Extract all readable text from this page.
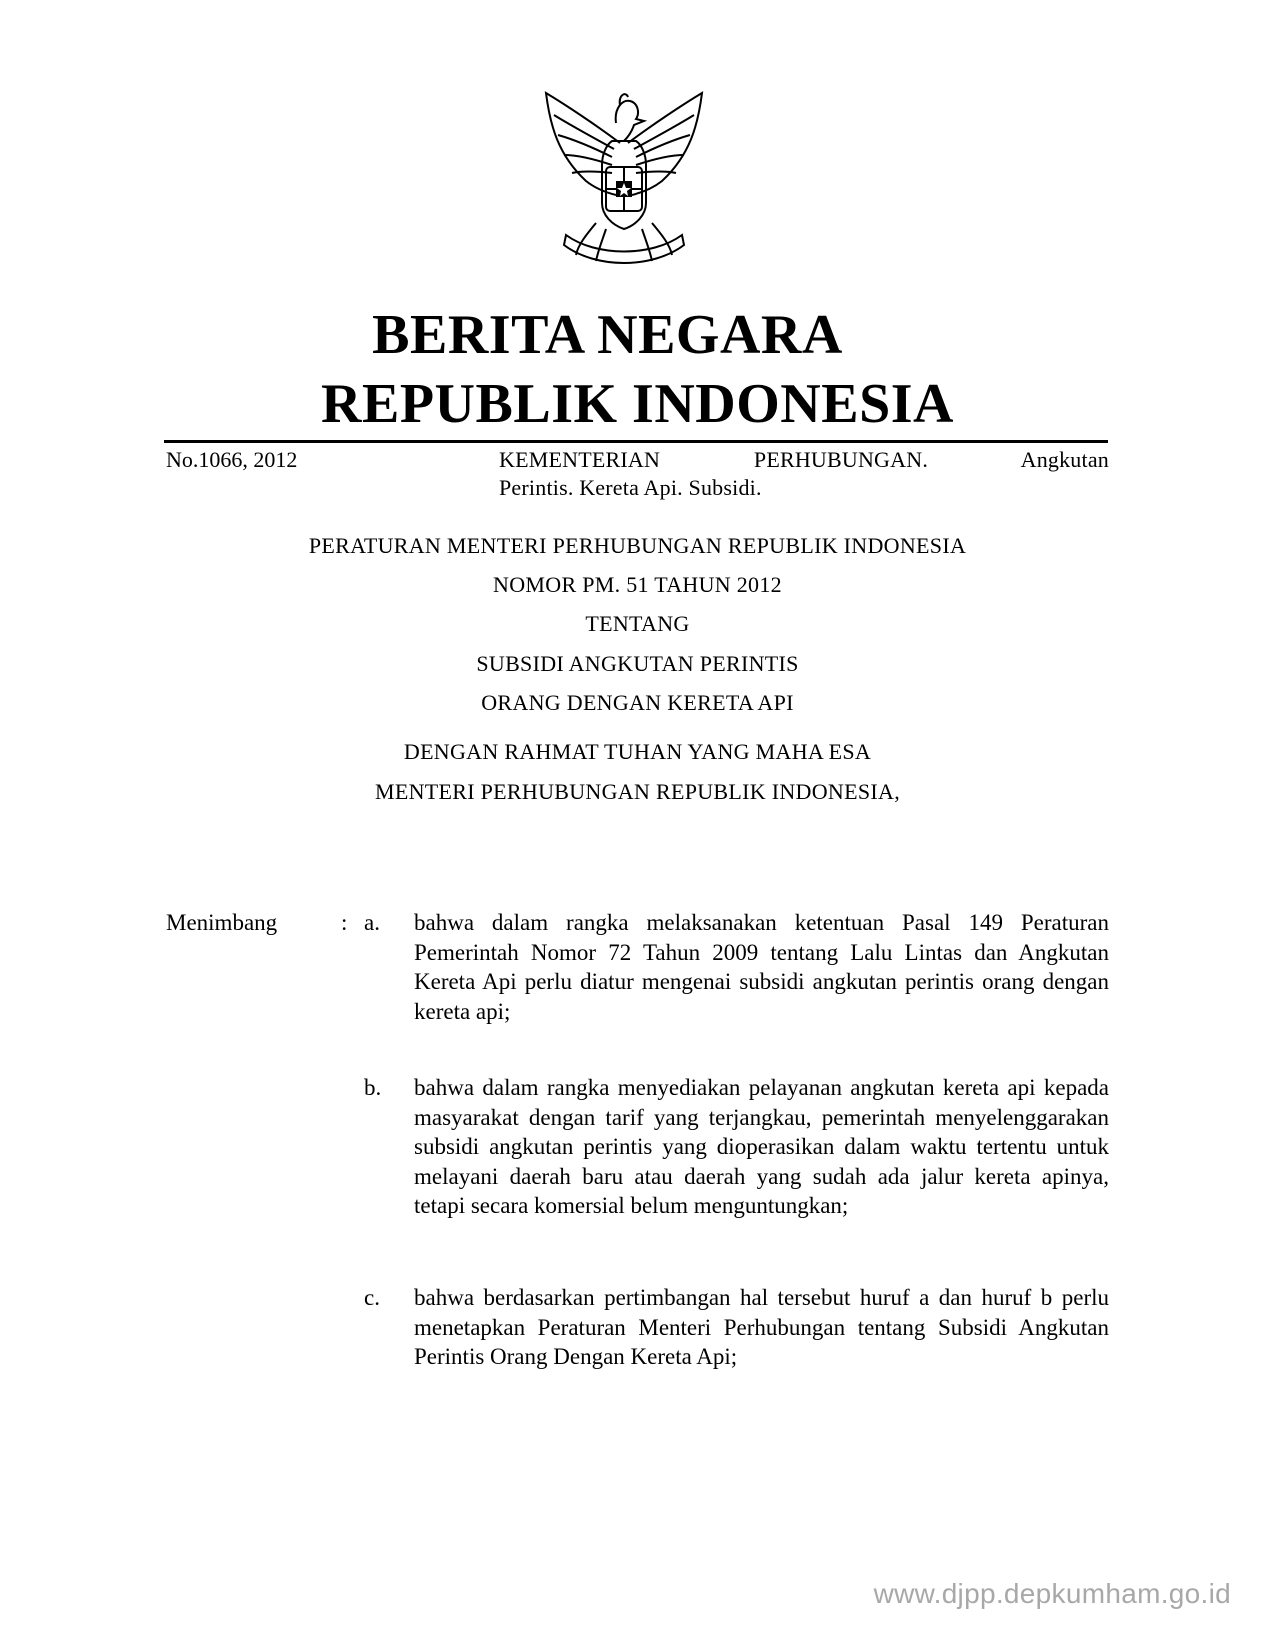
BERITA NEGARA
REPUBLIK INDONESIA
No.1066, 2012	KEMENTERIAN PERHUBUNGAN. Angkutan
Perintis. Kereta Api. Subsidi.
PERATURAN MENTERI PERHUBUNGAN REPUBLIK INDONESIA
NOMOR PM. 51 TAHUN 2012
TENTANG
SUBSIDI ANGKUTAN PERINTIS
ORANG DENGAN KERETA API
DENGAN RAHMAT TUHAN YANG MAHA ESA
MENTERI PERHUBUNGAN REPUBLIK INDONESIA,
Menimbang	: a.	bahwa dalam rangka melaksanakan ketentuan Pasal 149 Peraturan Pemerintah Nomor 72 Tahun 2009 tentang Lalu Lintas dan Angkutan Kereta Api perlu diatur mengenai subsidi angkutan perintis orang dengan kereta api;
b.	bahwa dalam rangka menyediakan pelayanan angkutan kereta api kepada masyarakat dengan tarif yang terjangkau, pemerintah menyelenggarakan subsidi angkutan perintis yang dioperasikan dalam waktu tertentu untuk melayani daerah baru atau daerah yang sudah ada jalur kereta apinya, tetapi secara komersial belum menguntungkan;
c.	bahwa berdasarkan pertimbangan hal tersebut huruf a dan huruf b perlu menetapkan Peraturan Menteri Perhubungan tentang Subsidi Angkutan Perintis Orang Dengan Kereta Api;
www.djpp.depkumham.go.id
